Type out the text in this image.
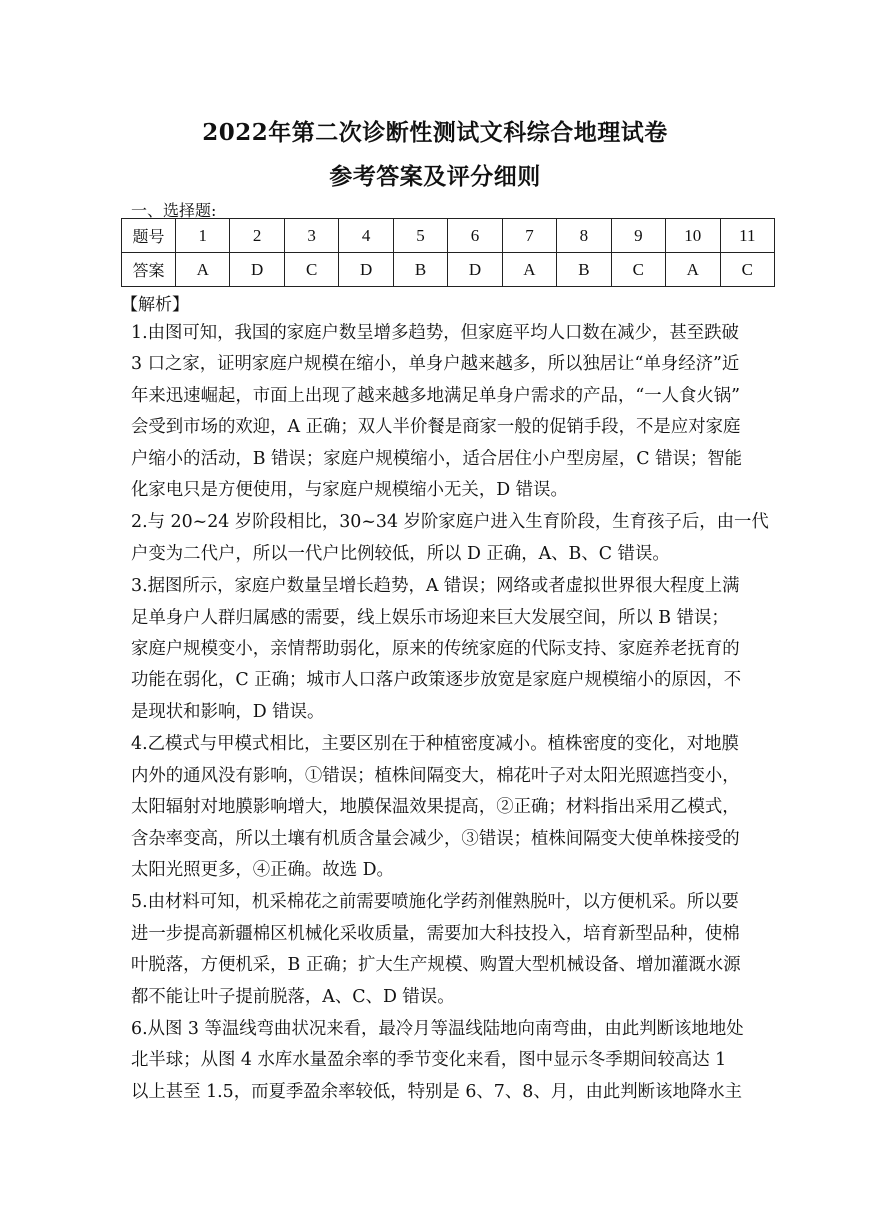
2022年第二次诊断性测试文科综合地理试卷
参考答案及评分细则
一、选择题:
题号	1	2	3	4	5	6	7	8	9	10	11
答案	A	D	C	D	B	D	A	B	C	A	C
【解析】
1.由图可知，我国的家庭户数呈增多趋势，但家庭平均人口数在减少，甚至跌破
3 口之家，证明家庭户规模在缩小，单身户越来越多，所以独居让“单身经济”近
年来迅速崛起，市面上出现了越来越多地满足单身户需求的产品，“一人食火锅”
会受到市场的欢迎，A 正确；双人半价餐是商家一般的促销手段，不是应对家庭
户缩小的活动，B 错误；家庭户规模缩小，适合居住小户型房屋，C 错误；智能
化家电只是方便使用，与家庭户规模缩小无关，D 错误。
2.与 20~24 岁阶段相比，30~34 岁阶家庭户进入生育阶段，生育孩子后，由一代
户变为二代户，所以一代户比例较低，所以 D 正确，A、B、C 错误。
3.据图所示，家庭户数量呈增长趋势，A 错误；网络或者虚拟世界很大程度上满
足单身户人群归属感的需要，线上娱乐市场迎来巨大发展空间，所以 B 错误；
家庭户规模变小，亲情帮助弱化，原来的传统家庭的代际支持、家庭养老抚育的
功能在弱化，C 正确；城市人口落户政策逐步放宽是家庭户规模缩小的原因，不
是现状和影响，D 错误。
4.乙模式与甲模式相比，主要区别在于种植密度减小。植株密度的变化，对地膜
内外的通风没有影响，①错误；植株间隔变大，棉花叶子对太阳光照遮挡变小，
太阳辐射对地膜影响增大，地膜保温效果提高，②正确；材料指出采用乙模式，
含杂率变高，所以土壤有机质含量会减少，③错误；植株间隔变大使单株接受的
太阳光照更多，④正确。故选 D。
5.由材料可知，机采棉花之前需要喷施化学药剂催熟脱叶，以方便机采。所以要
进一步提高新疆棉区机械化采收质量，需要加大科技投入，培育新型品种，使棉
叶脱落，方便机采，B 正确；扩大生产规模、购置大型机械设备、增加灌溉水源
都不能让叶子提前脱落，A、C、D 错误。
6.从图 3 等温线弯曲状况来看，最冷月等温线陆地向南弯曲，由此判断该地地处
北半球；从图 4 水库水量盈余率的季节变化来看，图中显示冬季期间较高达 1
以上甚至 1.5，而夏季盈余率较低，特别是 6、7、8、月，由此判断该地降水主
